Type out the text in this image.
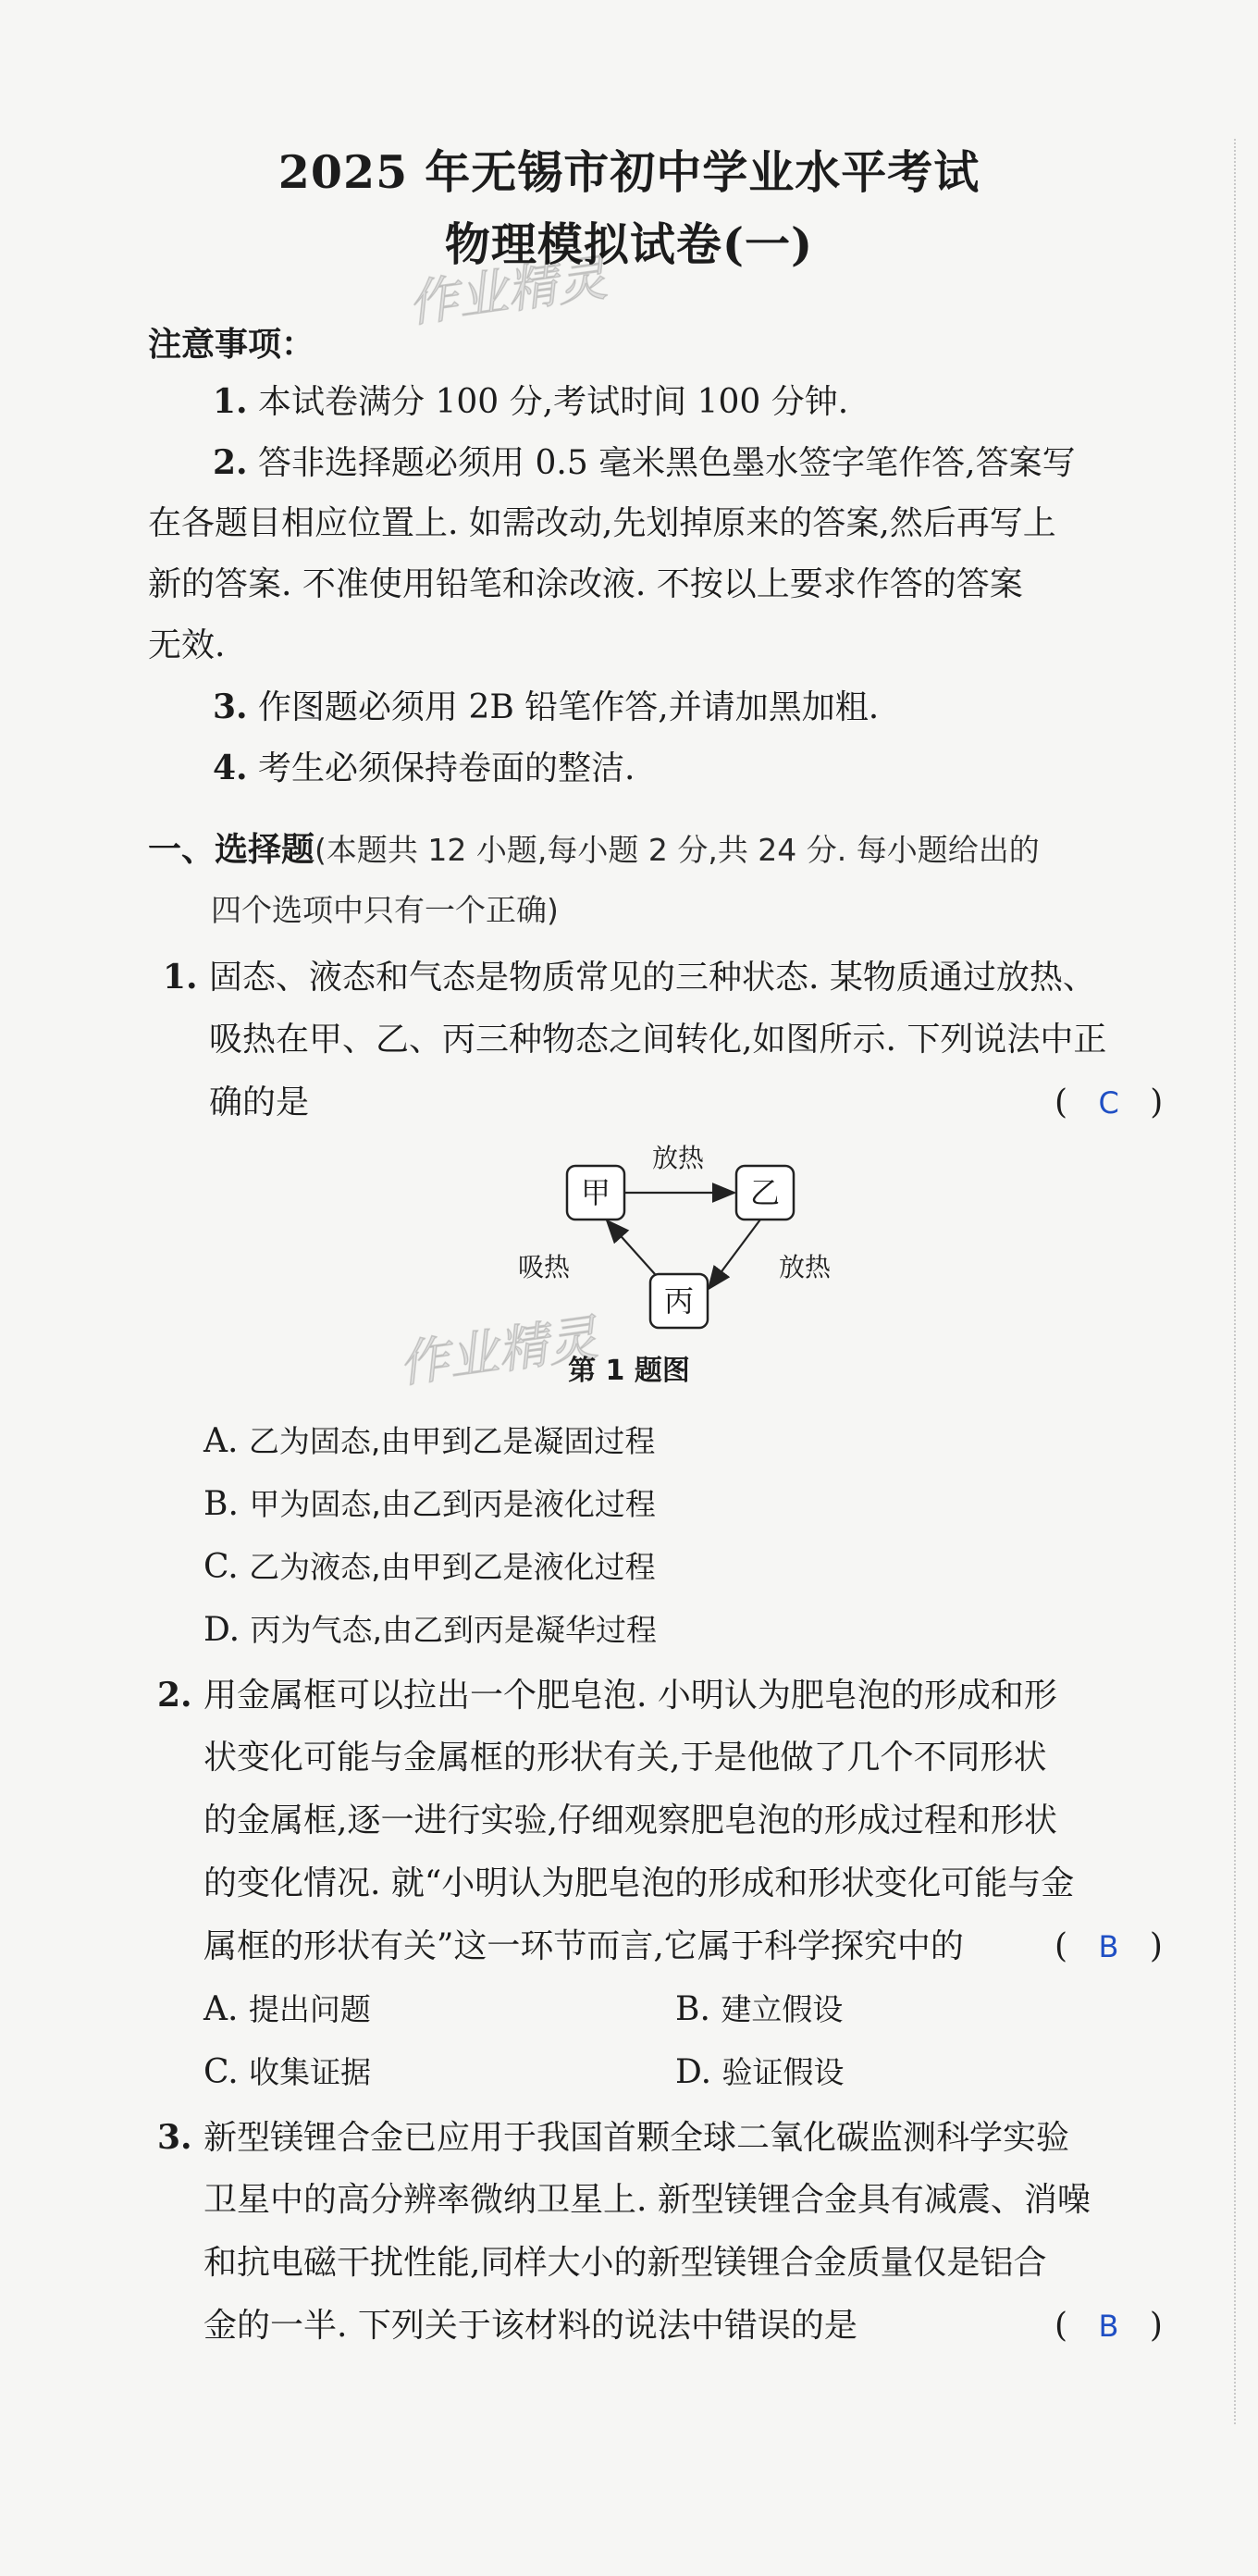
2025 年无锡市初中学业水平考试
物理模拟试卷(一)
作业精灵
注意事项：
1. 本试卷满分 100 分,考试时间 100 分钟.
2. 答非选择题必须用 0.5 毫米黑色墨水签字笔作答,答案写
在各题目相应位置上. 如需改动,先划掉原来的答案,然后再写上
新的答案. 不准使用铅笔和涂改液. 不按以上要求作答的答案
无效.
3. 作图题必须用 2B 铅笔作答,并请加黑加粗.
4. 考生必须保持卷面的整洁.
一、选择题(本题共 12 小题,每小题 2 分,共 24 分. 每小题给出的
四个选项中只有一个正确)
1. 固态、液态和气态是物质常见的三种状态. 某物质通过放热、
吸热在甲、乙、丙三种物态之间转化,如图所示. 下列说法中正
确的是	( C )
甲	乙
丙
放热
放热
吸热
作业精灵
第 1 题图
A. 乙为固态,由甲到乙是凝固过程
B. 甲为固态,由乙到丙是液化过程
C. 乙为液态,由甲到乙是液化过程
D. 丙为气态,由乙到丙是凝华过程
2. 用金属框可以拉出一个肥皂泡. 小明认为肥皂泡的形成和形
状变化可能与金属框的形状有关,于是他做了几个不同形状
的金属框,逐一进行实验,仔细观察肥皂泡的形成过程和形状
的变化情况. 就“小明认为肥皂泡的形成和形状变化可能与金
属框的形状有关”这一环节而言,它属于科学探究中的	( B )
A. 提出问题	B. 建立假设
C. 收集证据	D. 验证假设
3. 新型镁锂合金已应用于我国首颗全球二氧化碳监测科学实验
卫星中的高分辨率微纳卫星上. 新型镁锂合金具有减震、消噪
和抗电磁干扰性能,同样大小的新型镁锂合金质量仅是铝合
金的一半. 下列关于该材料的说法中错误的是	( B )
